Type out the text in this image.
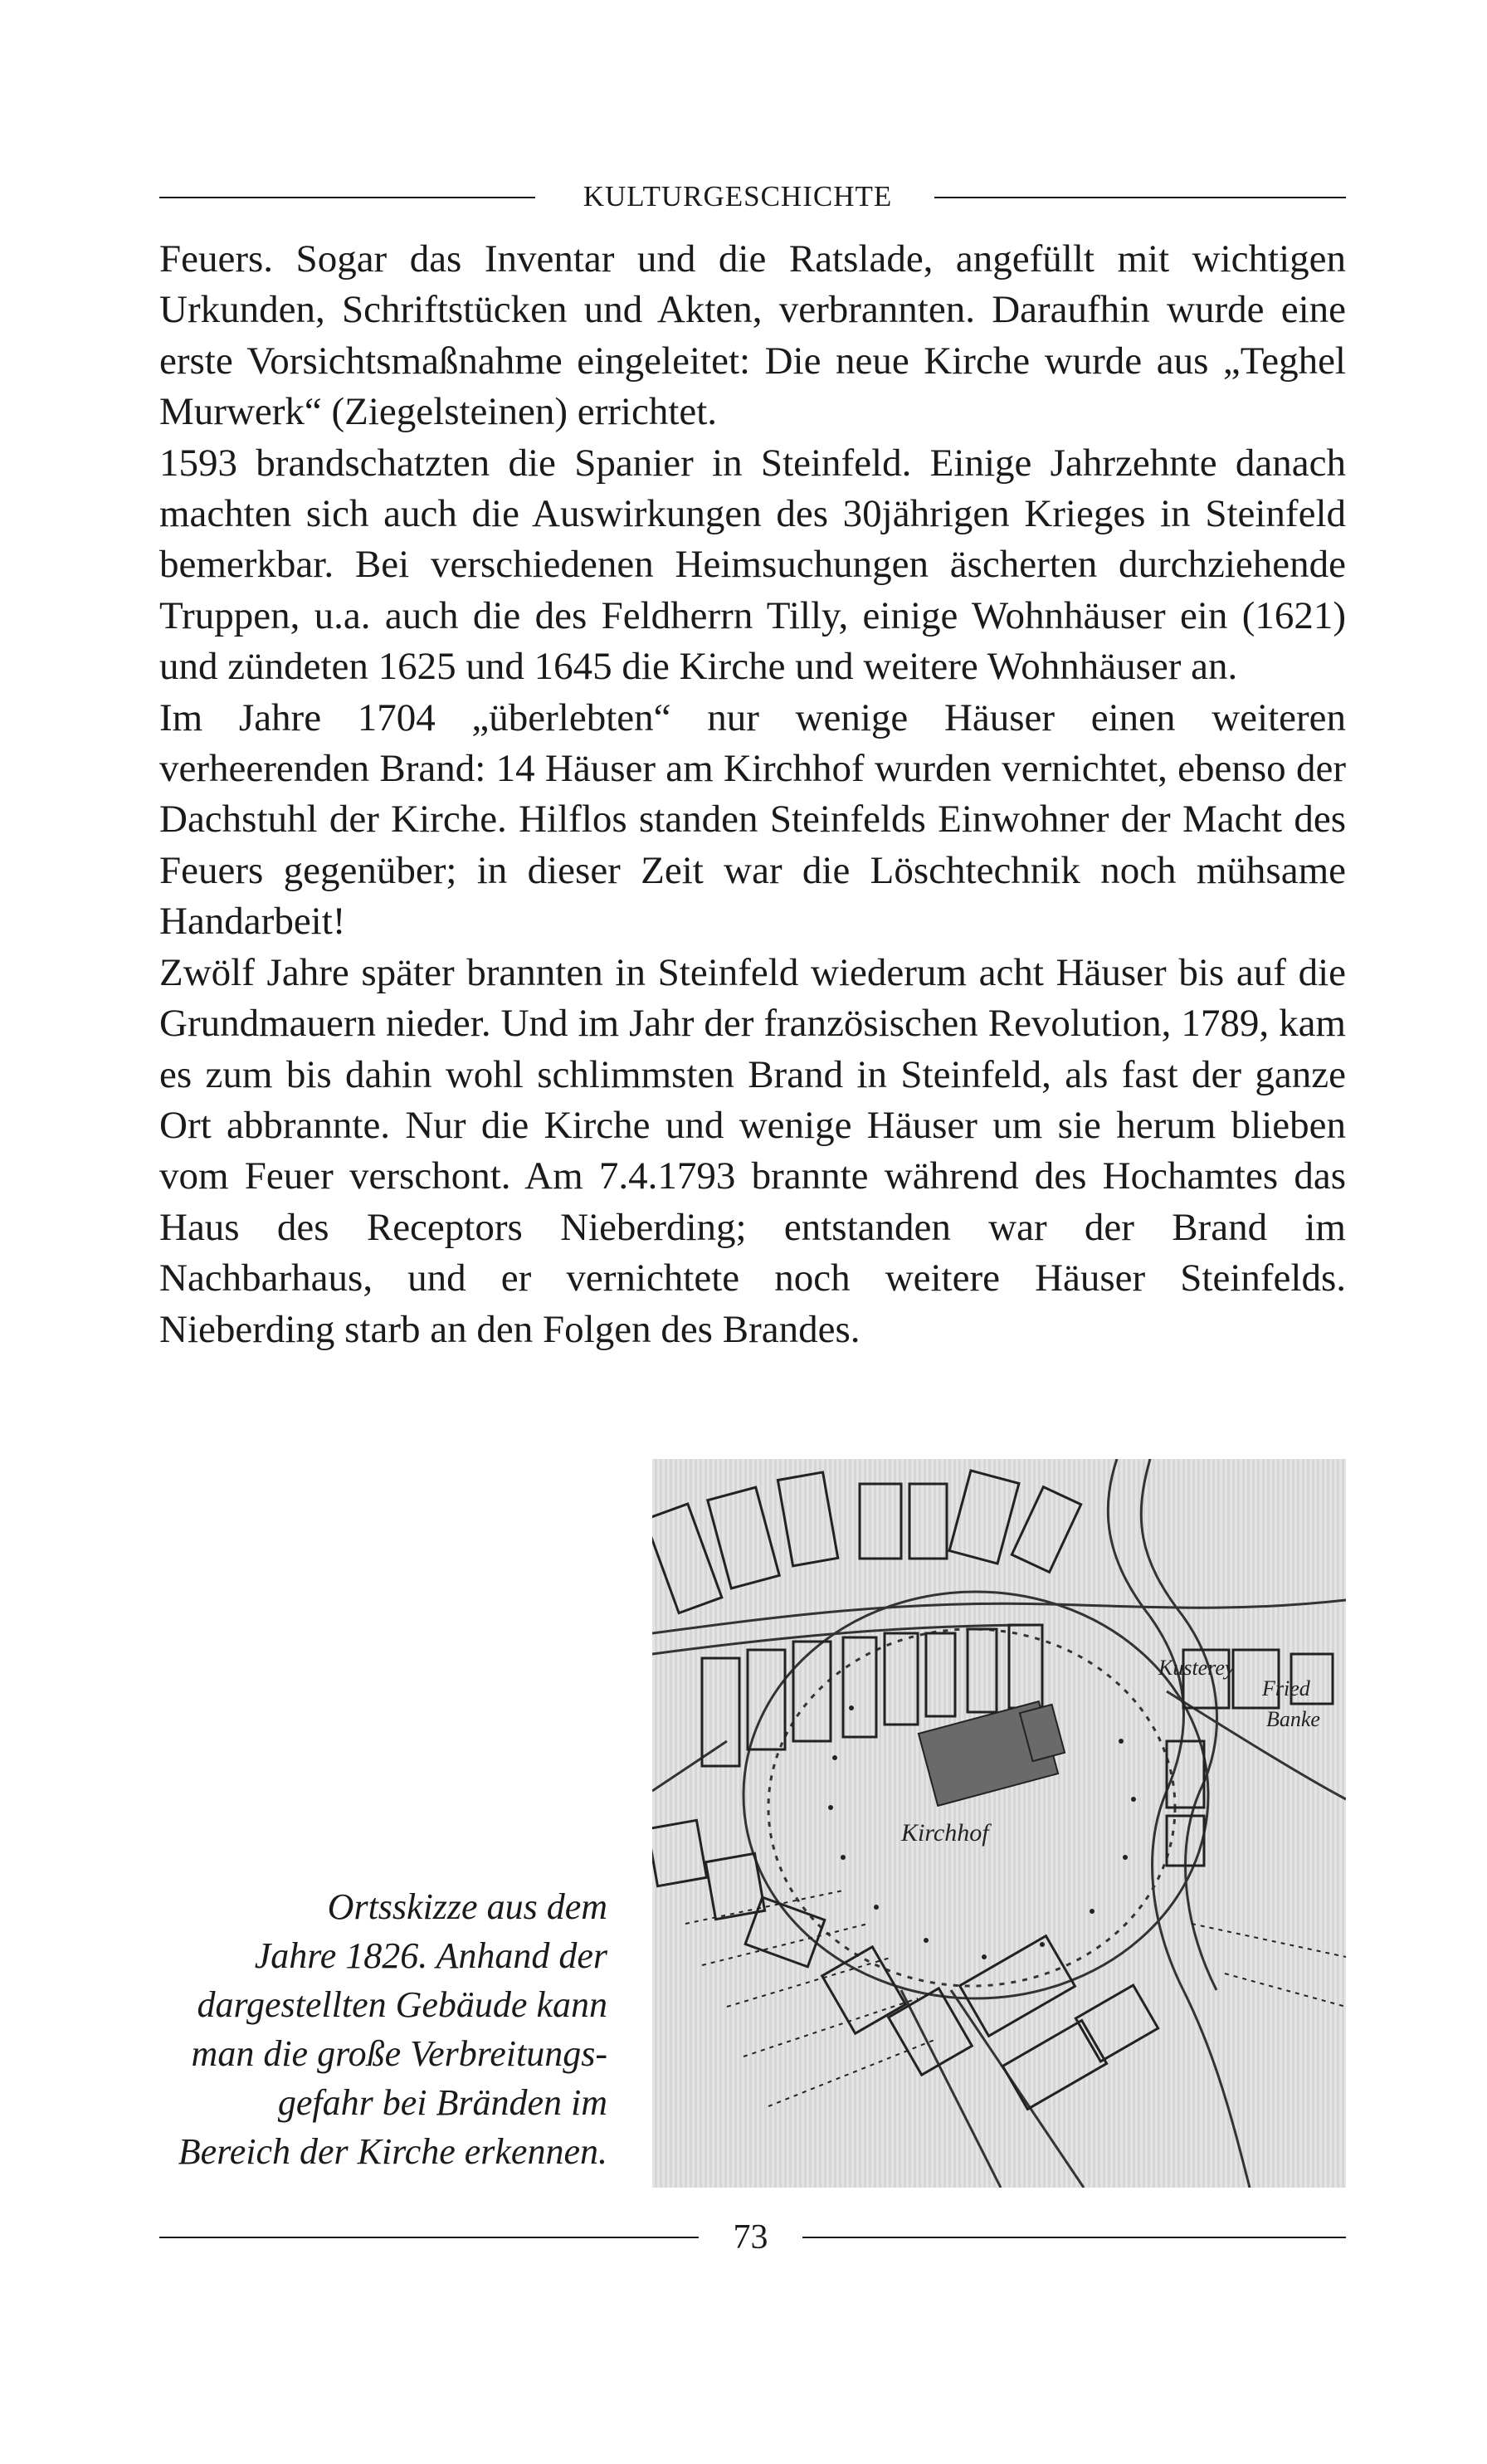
KULTURGESCHICHTE

Feuers. Sogar das Inventar und die Ratslade, angefüllt mit wichtigen Urkunden, Schriftstücken und Akten, verbrannten. Daraufhin wurde eine erste Vorsichtsmaßnahme eingeleitet: Die neue Kirche wurde aus „Teghel Murwerk“ (Ziegelsteinen) errichtet.

1593 brandschatzten die Spanier in Steinfeld. Einige Jahrzehnte danach machten sich auch die Auswirkungen des 30jährigen Krieges in Steinfeld bemerkbar. Bei verschiedenen Heimsuchungen äscherten durchziehende Truppen, u.a. auch die des Feldherrn Tilly, einige Wohnhäuser ein (1621) und zündeten 1625 und 1645 die Kirche und weitere Wohnhäuser an.

Im Jahre 1704 „überlebten“ nur wenige Häuser einen weiteren verheerenden Brand: 14 Häuser am Kirchhof wurden vernichtet, ebenso der Dachstuhl der Kirche. Hilflos standen Steinfelds Einwohner der Macht des Feuers gegenüber; in dieser Zeit war die Löschtechnik noch mühsame Handarbeit!

Zwölf Jahre später brannten in Steinfeld wiederum acht Häuser bis auf die Grundmauern nieder. Und im Jahr der französischen Revolution, 1789, kam es zum bis dahin wohl schlimmsten Brand in Steinfeld, als fast der ganze Ort abbrannte. Nur die Kirche und wenige Häuser um sie herum blieben vom Feuer verschont. Am 7.4.1793 brannte während des Hochamtes das Haus des Receptors Nieberding; entstanden war der Brand im Nachbarhaus, und er vernichtete noch weitere Häuser Steinfelds. Nieberding starb an den Folgen des Brandes.

Kirchhof
Kusterey
Fried
Banke
Ortsskizze aus dem
Jahre 1826. Anhand der
dargestellten Gebäude kann
man die große Verbreitungs-
gefahr bei Bränden im
Bereich der Kirche erkennen.
73
